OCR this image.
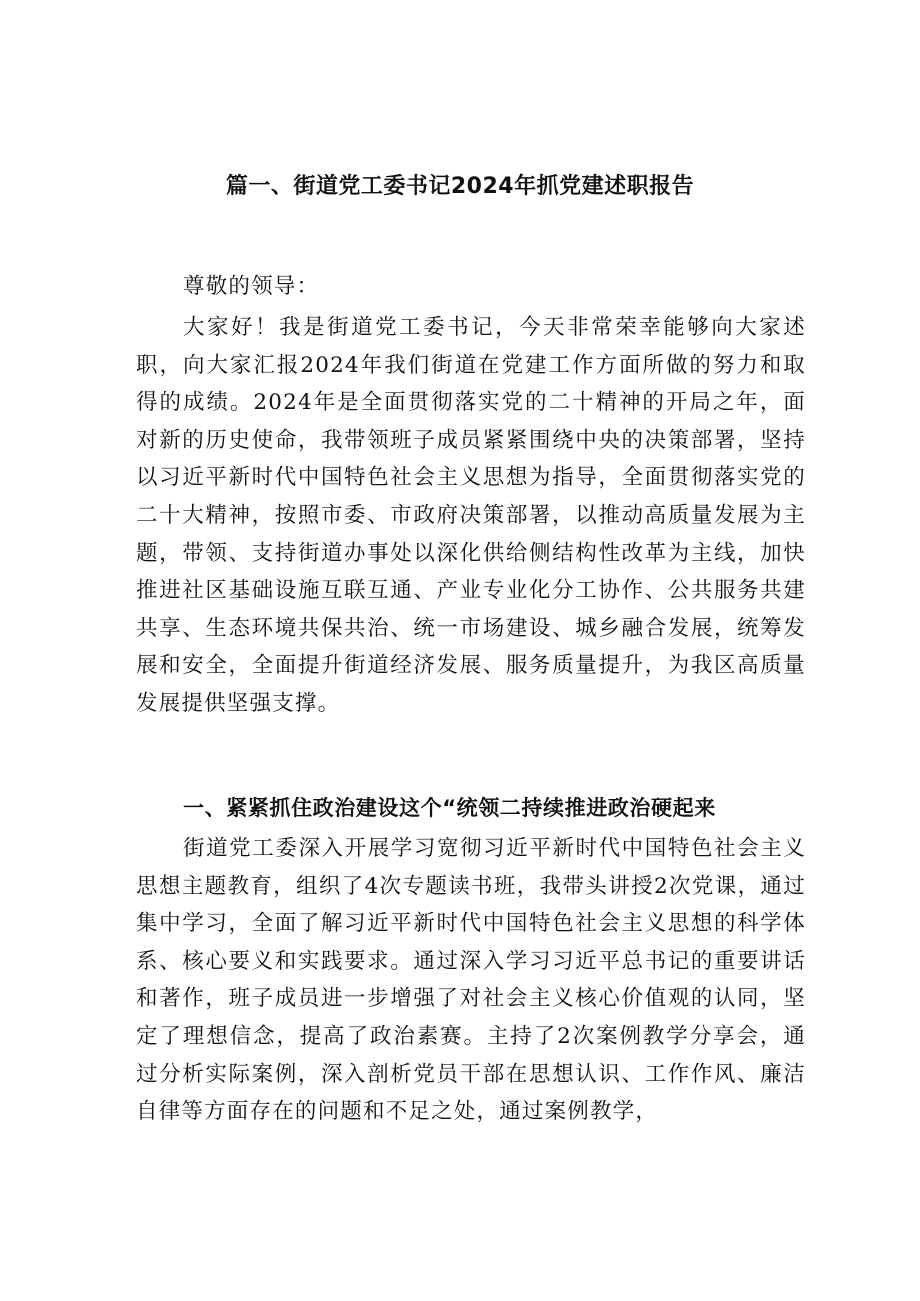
篇一、街道党工委书记2024年抓党建述职报告
尊敬的领导：
大家好！我是街道党工委书记，今天非常荣幸能够向大家述职，向大家汇报2024年我们街道在党建工作方面所做的努力和取得的成绩。2024年是全面贯彻落实党的二十精神的开局之年，面对新的历史使命，我带领班子成员紧紧围绕中央的决策部署，坚持以习近平新时代中国特色社会主义思想为指导，全面贯彻落实党的二十大精神，按照市委、市政府决策部署，以推动高质量发展为主题，带领、支持街道办事处以深化供给侧结构性改革为主线，加快推进社区基础设施互联互通、产业专业化分工协作、公共服务共建共享、生态环境共保共治、统一市场建设、城乡融合发展，统筹发展和安全，全面提升街道经济发展、服务质量提升，为我区高质量发展提供坚强支撑。
一、紧紧抓住政治建设这个“统领二持续推进政治硬起来
街道党工委深入开展学习宽彻习近平新时代中国特色社会主义思想主题教育，组织了4次专题读书班，我带头讲授2次党课，通过集中学习，全面了解习近平新时代中国特色社会主义思想的科学体系、核心要义和实践要求。通过深入学习习近平总书记的重要讲话和著作，班子成员进一步增强了对社会主义核心价值观的认同，坚定了理想信念，提高了政治素赛。主持了2次案例教学分享会，通过分析实际案例，深入剖析党员干部在思想认识、工作作风、廉洁自律等方面存在的问题和不足之处，通过案例教学，
